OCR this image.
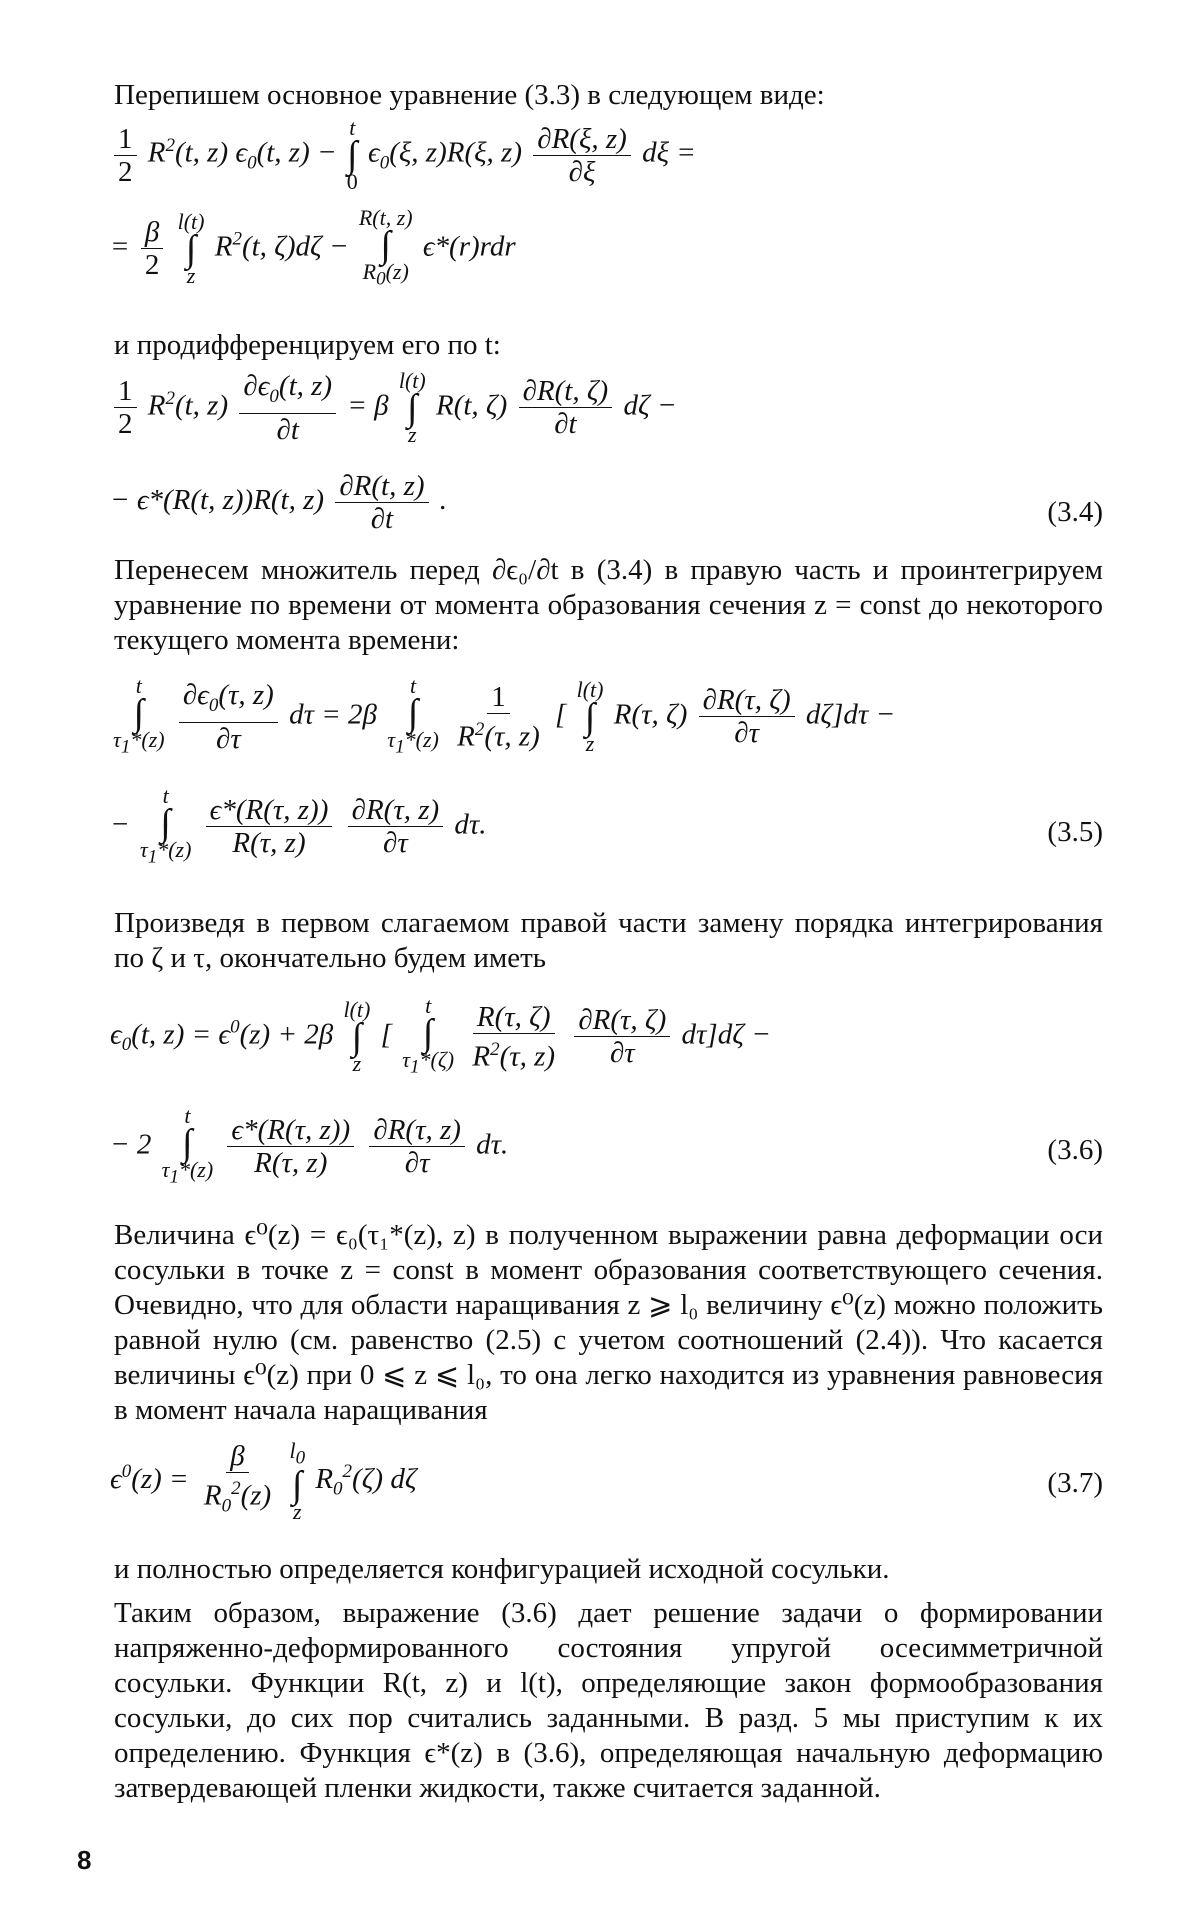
Перепишем основное уравнение (3.3) в следующем виде:

$\frac{1}{2} R^2(t$, z) $\epsilon_0(t$, z) −
t
∫
0
$\epsilon_0(\xi$, z)R(ξ, $z) \frac{\partial R(\xi, z)}{\partial\xi}$ dξ =
= $\frac{\beta}{2}$
l(t)
∫
z
$R^2(t$, ζ)dζ −
R(t, z)
∫
$R_0(z)$
ϵ*(r)rdr

и продифференцируем его по t:

$\frac{1}{2} R^2(t$, $z) \frac{\partial\epsilon_0(t, z)}{\partial t} = \beta$
l(t)
∫
z
R(t, $\zeta) \frac{\partial R(t, \zeta)}{\partial t}$ dζ −
− ϵ*(R(t, z))R(t, $z) \frac{\partial R(t, z)}{\partial t}$ .	(3.4)

Перенесем множитель перед ∂ϵ₀/∂t в (3.4) в правую часть и проинтегрируем уравнение по времени от момента образования сечения z = const до некоторого текущего момента времени:

t
∫
$\tau_1*(z)$
$\frac{\partial\epsilon_0(\tau, z)}{\partial\tau}$ dτ = 2β
t
∫
$\tau_1*(z)$
$\frac{1}{R^2(\tau, z)}$ [
l(t)
∫
z
R(τ, $\zeta) \frac{\partial R(\tau, \zeta)}{\partial\tau} d\zeta]d\tau$ −
−
t
∫
$\tau_1*(z)$
$\frac{\epsilon*(R(\tau, z))}{R(\tau, z)}$
$\frac{\partial R(\tau, z)}{\partial\tau} d\tau$.	(3.5)

Произведя в первом слагаемом правой части замену порядка интегрирования по ζ и τ, окончательно будем иметь

$\epsilon_0(t$, $z) = \epsilon^0(z) + 2\beta$
l(t)
∫
z
[
t
∫
$\tau_1*(\zeta)$
$\frac{R(\tau, \zeta)}{R^2(\tau, z)}$
$\frac{\partial R(\tau, \zeta)}{\partial\tau} d\tau]d\zeta$ −
− 2
t
∫
$\tau_1*(z)$
$\frac{\epsilon*(R(\tau, z))}{R(\tau, z)}$
$\frac{\partial R(\tau, z)}{\partial\tau} d\tau$.	(3.6)

Величина ϵ⁰(z) = ϵ₀(τ₁*(z), z) в полученном выражении равна деформации оси сосульки в точке z = const в момент образования соответствующего сечения. Очевидно, что для области наращивания z ⩾ l₀ величину ϵ⁰(z) можно положить равной нулю (см. равенство (2.5) с учетом соотношений (2.4)). Что касается величины ϵ⁰(z) при 0 ⩽ z ⩽ l₀, то она легко находится из уравнения равновесия в момент начала наращивания

$\epsilon^0(z) = \frac{\beta}{R_0^2(z)}$
$l_0$
∫
z
$R_0^2(\zeta)$ dζ	(3.7)

и полностью определяется конфигурацией исходной сосульки.

Таким образом, выражение (3.6) дает решение задачи о формировании напряженно-деформированного состояния упругой осесимметричной сосульки. Функции R(t, z) и l(t), определяющие закон формообразования сосульки, до сих пор считались заданными. В разд. 5 мы приступим к их определению. Функция ϵ*(z) в (3.6), определяющая начальную деформацию затвердевающей пленки жидкости, также считается заданной.

8
